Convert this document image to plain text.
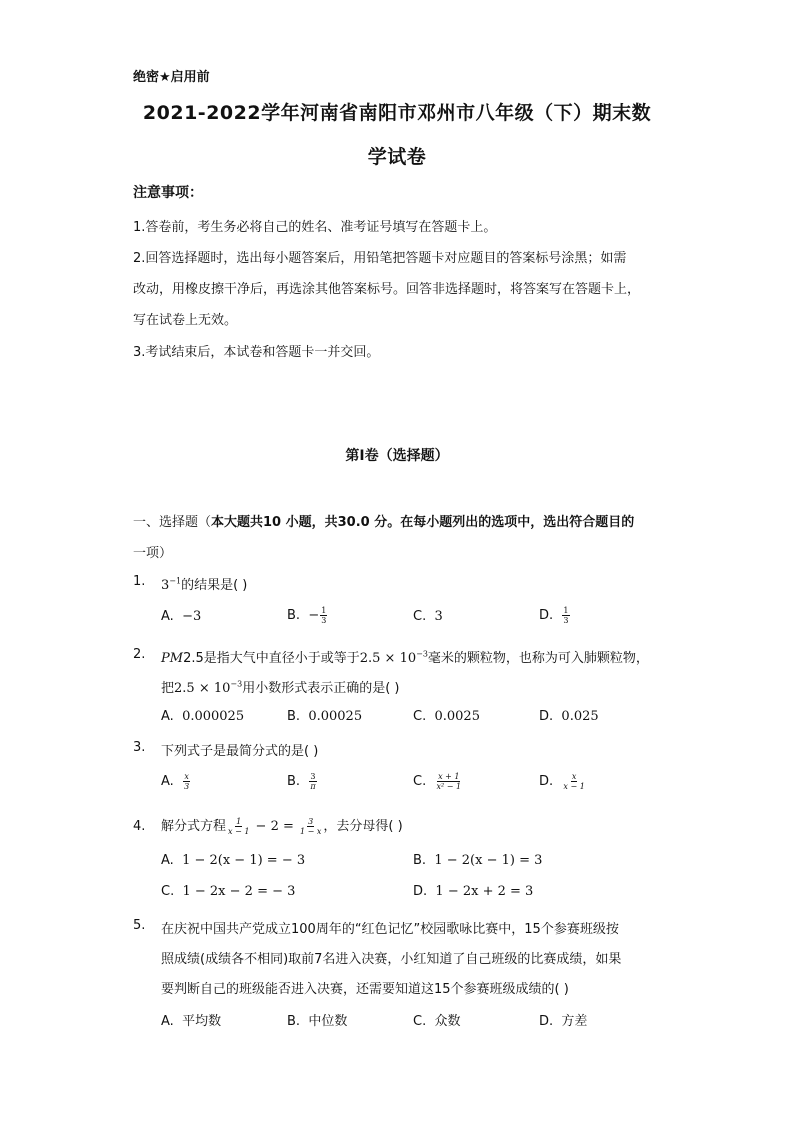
绝密★启用前
2021-2022学年河南省南阳市邓州市八年级（下）期末数
学试卷
注意事项：
1.答卷前，考生务必将自己的姓名、准考证号填写在答题卡上。
2.回答选择题时，选出每小题答案后，用铅笔把答题卡对应题目的答案标号涂黑；如需
改动，用橡皮擦干净后，再选涂其他答案标号。回答非选择题时，将答案写在答题卡上，
写在试卷上无效。
3.考试结束后，本试卷和答题卡一并交回。
第Ⅰ卷（选择题）
一、选择题（本大题共10 小题，共30.0 分。在每小题列出的选项中，选出符合题目的
一项）
1. $3^{-1}$的结果是( )
A. −3	B. − $\frac{1}{3}$	C. 3	D. $\frac{1}{3}$
2. PM2.5是指大气中直径小于或等于$2.5 \times 10^{-3}$毫米的颗粒物，也称为可入肺颗粒物，
把$2.5 \times 10^{-3}$用小数形式表示正确的是( )
A. 0.000025	B. 0.00025	C. 0.0025	D. 0.025
3. 下列式子是最简分式的是( )
A. $\frac{x}{3}$	B. $\frac{3}{\pi}$	C. $\frac{x + 1}{\text{x² − 1}}$	D. $\frac{x}{x - 1}$
4. 解分式方程 $\frac{1}{x - 1} - 2 = \frac{3}{1 - x}$ ，去分母得( )
A. 1 − 2(x − 1) = − 3	B. 1 − 2(x − 1) = 3
C. 1 − 2x − 2 = − 3	D. 1 − 2x + 2 = 3
5. 在庆祝中国共产党成立100周年的“红色记忆”校园歌咏比赛中，15个参赛班级按
照成绩(成绩各不相同)取前7名进入决赛，小红知道了自己班级的比赛成绩，如果
要判断自己的班级能否进入决赛，还需要知道这15个参赛班级成绩的( )
A. 平均数	B. 中位数	C. 众数	D. 方差
